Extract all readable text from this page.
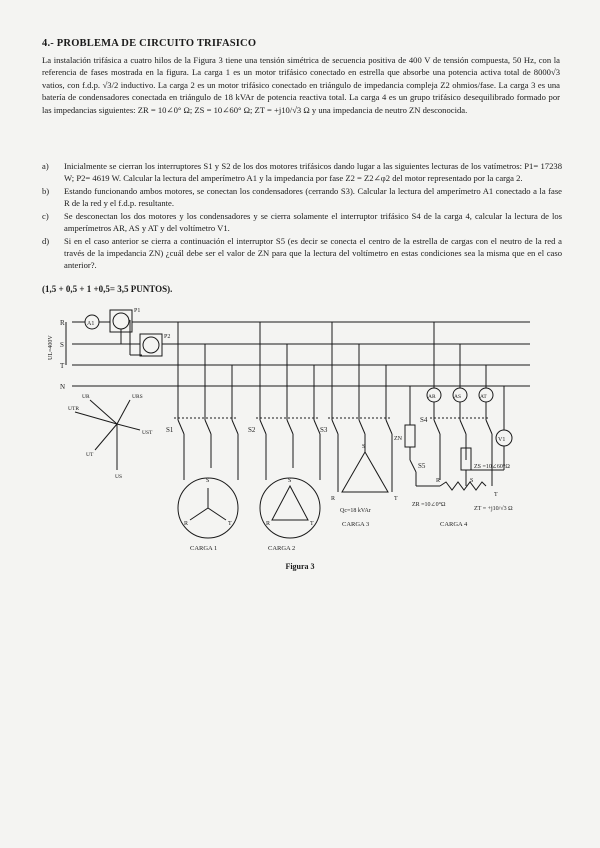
4.- PROBLEMA DE CIRCUITO TRIFASICO
La instalación trifásica a cuatro hilos de la Figura 3 tiene una tensión simétrica de secuencia positiva de 400 V de tensión compuesta, 50 Hz, con la referencia de fases mostrada en la figura. La carga 1 es un motor trifásico conectado en estrella que absorbe una potencia activa total de 8000√3 vatios, con f.d.p. √3/2 inductivo. La carga 2 es un motor trifásico conectado en triángulo de impedancia compleja Z2 ohmios/fase. La carga 3 es una batería de condensadores conectada en triángulo de 18 kVAr de potencia reactiva total. La carga 4 es un grupo trifásico desequilibrado formado por las impedancias siguientes: ZR = 10∠0° Ω; ZS = 10∠60° Ω; ZT = +j10/√3 Ω y una impedancia de neutro ZN desconocida.
a)	Inicialmente se cierran los interruptores S1 y S2 de los dos motores trifásicos dando lugar a las siguientes lecturas de los vatímetros: P1= 17238 W; P2= 4619 W. Calcular la lectura del amperímetro A1 y la impedancia por fase Z2 = Z2∠φ2 del motor representado por la carga 2.
b)	Estando funcionando ambos motores, se conectan los condensadores (cerrando S3). Calcular la lectura del amperímetro A1 conectado a la fase R de la red y el f.d.p. resultante.
c)	Se desconectan los dos motores y los condensadores y se cierra solamente el interruptor trifásico S4 de la carga 4, calcular la lectura de los amperímetros AR, AS y AT y del voltímetro V1.
d)	Si en el caso anterior se cierra a continuación el interruptor S5 (es decir se conecta el centro de la estrella de cargas con el neutro de la red a través de la impedancia ZN) ¿cuál debe ser el valor de ZN para que la lectura del voltímetro en estas condiciones sea la misma que en el caso anterior?.
(1,5 + 0,5 + 1 +0,5= 3,5 PUNTOS).
R
S
T
N
UL=400V
A1
P1
P2
UR	URS
UTR
UST
UT
US
S1	S2	S3
S4
S5
R
S
T
CARGA 1
R
S
T
CARGA 2
R
S
T
Qc=18 kVAr
CARGA 3
AR	AS	AT
V1
ZN
ZS =10∠60°Ω
R	S
T
ZR =10∠0°Ω
ZT = +j10/√3 Ω
CARGA 4
Figura 3
